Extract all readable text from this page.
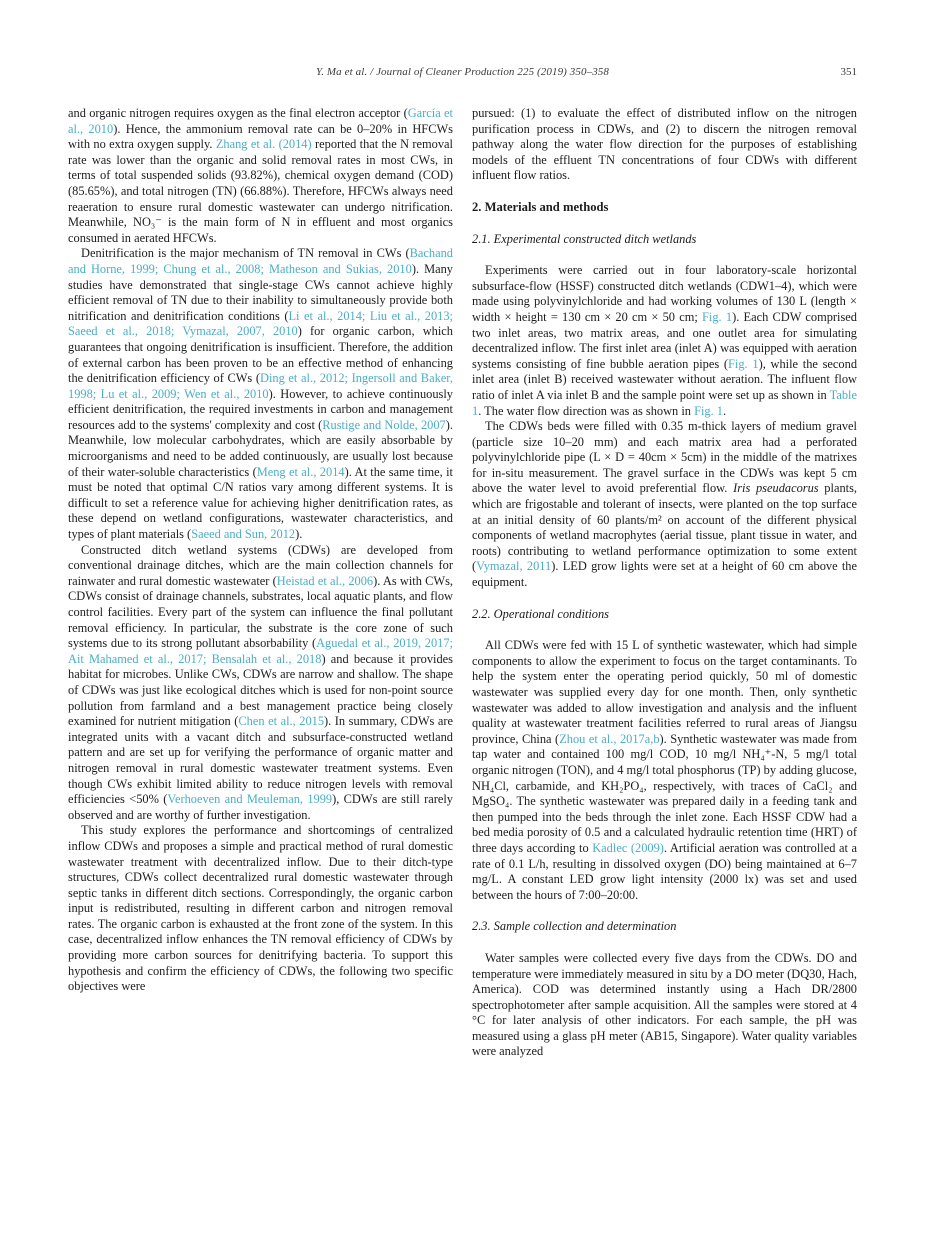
Y. Ma et al. / Journal of Cleaner Production 225 (2019) 350–358	351

and organic nitrogen requires oxygen as the final electron acceptor (García et al., 2010). Hence, the ammonium removal rate can be 0–20% in HFCWs with no extra oxygen supply. Zhang et al. (2014) reported that the N removal rate was lower than the organic and solid removal rates in most CWs, in terms of total suspended solids (93.82%), chemical oxygen demand (COD) (85.65%), and total nitrogen (TN) (66.88%). Therefore, HFCWs always need reaeration to ensure rural domestic wastewater can undergo nitrification. Meanwhile, NO₃⁻ is the main form of N in effluent and most organics consumed in aerated HFCWs.

Denitrification is the major mechanism of TN removal in CWs (Bachand and Horne, 1999; Chung et al., 2008; Matheson and Sukias, 2010). Many studies have demonstrated that single-stage CWs cannot achieve highly efficient removal of TN due to their inability to simultaneously provide both nitrification and denitrification conditions (Li et al., 2014; Liu et al., 2013; Saeed et al., 2018; Vymazal, 2007, 2010) for organic carbon, which guarantees that ongoing denitrification is insufficient. Therefore, the addition of external carbon has been proven to be an effective method of enhancing the denitrification efficiency of CWs (Ding et al., 2012; Ingersoll and Baker, 1998; Lu et al., 2009; Wen et al., 2010). However, to achieve continuously efficient denitrification, the required investments in carbon and management resources add to the systems' complexity and cost (Rustige and Nolde, 2007). Meanwhile, low molecular carbohydrates, which are easily absorbable by microorganisms and need to be added continuously, are usually lost because of their water-soluble characteristics (Meng et al., 2014). At the same time, it must be noted that optimal C/N ratios vary among different systems. It is difficult to set a reference value for achieving higher denitrification rates, as these depend on wetland configurations, wastewater characteristics, and types of plant materials (Saeed and Sun, 2012).

Constructed ditch wetland systems (CDWs) are developed from conventional drainage ditches, which are the main collection channels for rainwater and rural domestic wastewater (Heistad et al., 2006). As with CWs, CDWs consist of drainage channels, substrates, local aquatic plants, and flow control facilities. Every part of the system can influence the final pollutant removal efficiency. In particular, the substrate is the core zone of such systems due to its strong pollutant absorbability (Aguedal et al., 2019, 2017; Ait Mahamed et al., 2017; Bensalah et al., 2018) and because it provides habitat for microbes. Unlike CWs, CDWs are narrow and shallow. The shape of CDWs was just like ecological ditches which is used for non-point source pollution from farmland and a best management practice being closely examined for nutrient mitigation (Chen et al., 2015). In summary, CDWs are integrated units with a vacant ditch and subsurface-constructed wetland pattern and are set up for verifying the performance of organic matter and nitrogen removal in rural domestic wastewater treatment systems. Even though CWs exhibit limited ability to reduce nitrogen levels with removal efficiencies <50% (Verhoeven and Meuleman, 1999), CDWs are still rarely observed and are worthy of further investigation.

This study explores the performance and shortcomings of centralized inflow CDWs and proposes a simple and practical method of rural domestic wastewater treatment with decentralized inflow. Due to their ditch-type structures, CDWs collect decentralized rural domestic wastewater through septic tanks in different ditch sections. Correspondingly, the organic carbon input is redistributed, resulting in different carbon and nitrogen removal rates. The organic carbon is exhausted at the front zone of the system. In this case, decentralized inflow enhances the TN removal efficiency of CDWs by providing more carbon sources for denitrifying bacteria. To support this hypothesis and confirm the efficiency of CDWs, the following two specific objectives were

pursued: (1) to evaluate the effect of distributed inflow on the nitrogen purification process in CDWs, and (2) to discern the nitrogen removal pathway along the water flow direction for the purposes of establishing models of the effluent TN concentrations of four CDWs with different influent flow ratios.

2. Materials and methods
2.1. Experimental constructed ditch wetlands

Experiments were carried out in four laboratory-scale horizontal subsurface-flow (HSSF) constructed ditch wetlands (CDW1–4), which were made using polyvinylchloride and had working volumes of 130 L (length × width × height = 130 cm × 20 cm × 50 cm; Fig. 1). Each CDW comprised two inlet areas, two matrix areas, and one outlet area for simulating decentralized inflow. The first inlet area (inlet A) was equipped with aeration systems consisting of fine bubble aeration pipes (Fig. 1), while the second inlet area (inlet B) received wastewater without aeration. The influent flow ratio of inlet A via inlet B and the sample point were set up as shown in Table 1. The water flow direction was as shown in Fig. 1.

The CDWs beds were filled with 0.35 m-thick layers of medium gravel (particle size 10–20 mm) and each matrix area had a perforated polyvinylchloride pipe (L × D = 40cm × 5cm) in the middle of the matrixes for in-situ measurement. The gravel surface in the CDWs was kept 5 cm above the water level to avoid preferential flow. Iris pseudacorus plants, which are frigostable and tolerant of insects, were planted on the top surface at an initial density of 60 plants/m² on account of the different physical components of wetland macrophytes (aerial tissue, plant tissue in water, and roots) contributing to wetland performance optimization to some extent (Vymazal, 2011). LED grow lights were set at a height of 60 cm above the equipment.

2.2. Operational conditions

All CDWs were fed with 15 L of synthetic wastewater, which had simple components to allow the experiment to focus on the target contaminants. To help the system enter the operating period quickly, 50 ml of domestic wastewater was supplied every day for one month. Then, only synthetic wastewater was added to allow investigation and analysis and the influent quality at wastewater treatment facilities referred to rural areas of Jiangsu province, China (Zhou et al., 2017a,b). Synthetic wastewater was made from tap water and contained 100 mg/l COD, 10 mg/l NH₄⁺-N, 5 mg/l total organic nitrogen (TON), and 4 mg/l total phosphorus (TP) by adding glucose, NH₄Cl, carbamide, and KH₂PO₄, respectively, with traces of CaCl₂ and MgSO₄. The synthetic wastewater was prepared daily in a feeding tank and then pumped into the beds through the inlet zone. Each HSSF CDW had a bed media porosity of 0.5 and a calculated hydraulic retention time (HRT) of three days according to Kadlec (2009). Artificial aeration was controlled at a rate of 0.1 L/h, resulting in dissolved oxygen (DO) being maintained at 6–7 mg/L. A constant LED grow light intensity (2000 lx) was set and used between the hours of 7:00–20:00.

2.3. Sample collection and determination

Water samples were collected every five days from the CDWs. DO and temperature were immediately measured in situ by a DO meter (DQ30, Hach, America). COD was determined instantly using a Hach DR/2800 spectrophotometer after sample acquisition. All the samples were stored at 4 °C for later analysis of other indicators. For each sample, the pH was measured using a glass pH meter (AB15, Singapore). Water quality variables were analyzed
